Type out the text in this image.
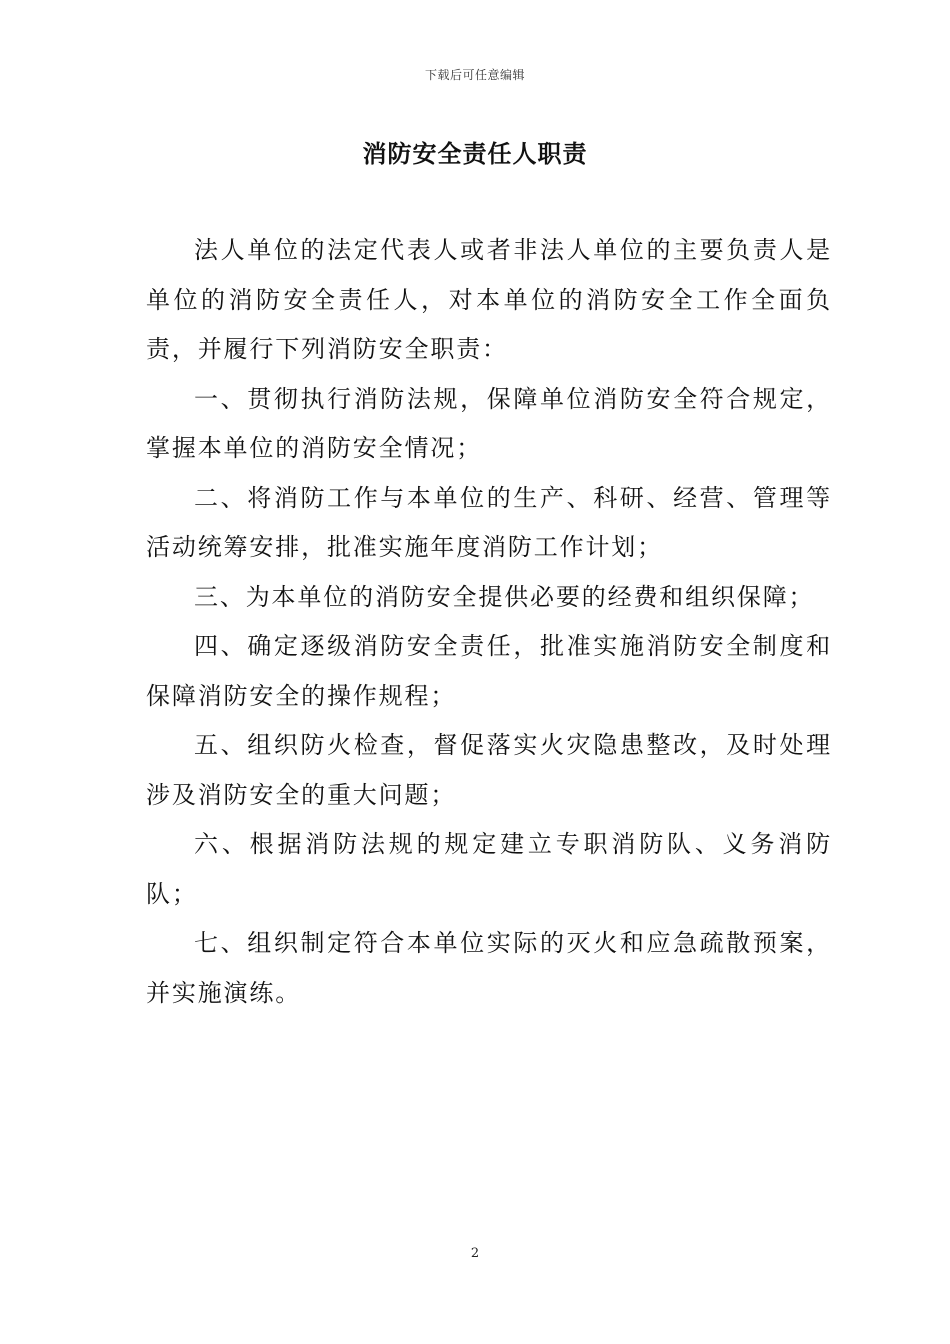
下载后可任意编辑
消防安全责任人职责

法人单位的法定代表人或者非法人单位的主要负责人是单位的消防安全责任人，对本单位的消防安全工作全面负责，并履行下列消防安全职责：

一、贯彻执行消防法规，保障单位消防安全符合规定，掌握本单位的消防安全情况；

二、将消防工作与本单位的生产、科研、经营、管理等活动统筹安排，批准实施年度消防工作计划；

三、为本单位的消防安全提供必要的经费和组织保障；

四、确定逐级消防安全责任，批准实施消防安全制度和保障消防安全的操作规程；

五、组织防火检查，督促落实火灾隐患整改，及时处理涉及消防安全的重大问题；

六、根据消防法规的规定建立专职消防队、义务消防队；

七、组织制定符合本单位实际的灭火和应急疏散预案，并实施演练。

2
